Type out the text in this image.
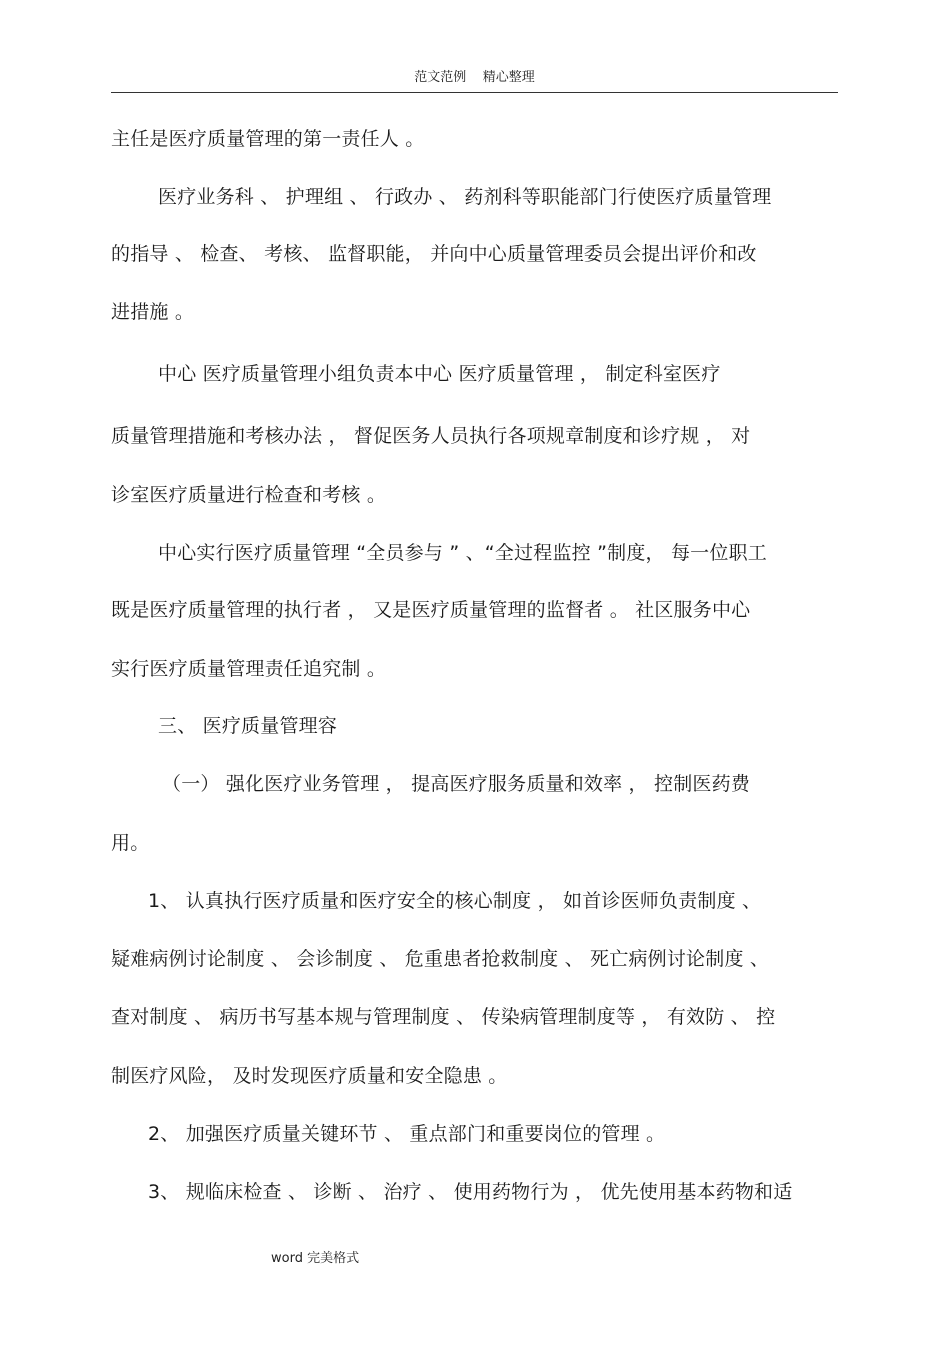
范文范例    精心整理
主任是医疗质量管理的第一责任人 。
医疗业务科 、 护理组 、 行政办 、 药剂科等职能部门行使医疗质量管理
的指导 、 检查、 考核、 监督职能， 并向中心质量管理委员会提出评价和改
进措施 。
中心 医疗质量管理小组负责本中心 医疗质量管理 ， 制定科室医疗
质量管理措施和考核办法 ， 督促医务人员执行各项规章制度和诊疗规 ， 对
诊室医疗质量进行检查和考核 。
中心实行医疗质量管理 “全员参与 ” 、“全过程监控 ”制度， 每一位职工
既是医疗质量管理的执行者 ， 又是医疗质量管理的监督者 。 社区服务中心
实行医疗质量管理责任追究制 。
三、 医疗质量管理容
（一） 强化医疗业务管理 ， 提高医疗服务质量和效率 ， 控制医药费
用。
1、 认真执行医疗质量和医疗安全的核心制度 ， 如首诊医师负责制度 、
疑难病例讨论制度 、 会诊制度 、 危重患者抢救制度 、 死亡病例讨论制度 、
查对制度 、 病历书写基本规与管理制度 、 传染病管理制度等 ， 有效防 、 控
制医疗风险， 及时发现医疗质量和安全隐患 。
2、 加强医疗质量关键环节 、 重点部门和重要岗位的管理 。
3、 规临床检查 、 诊断 、 治疗 、 使用药物行为 ， 优先使用基本药物和适
word 完美格式
